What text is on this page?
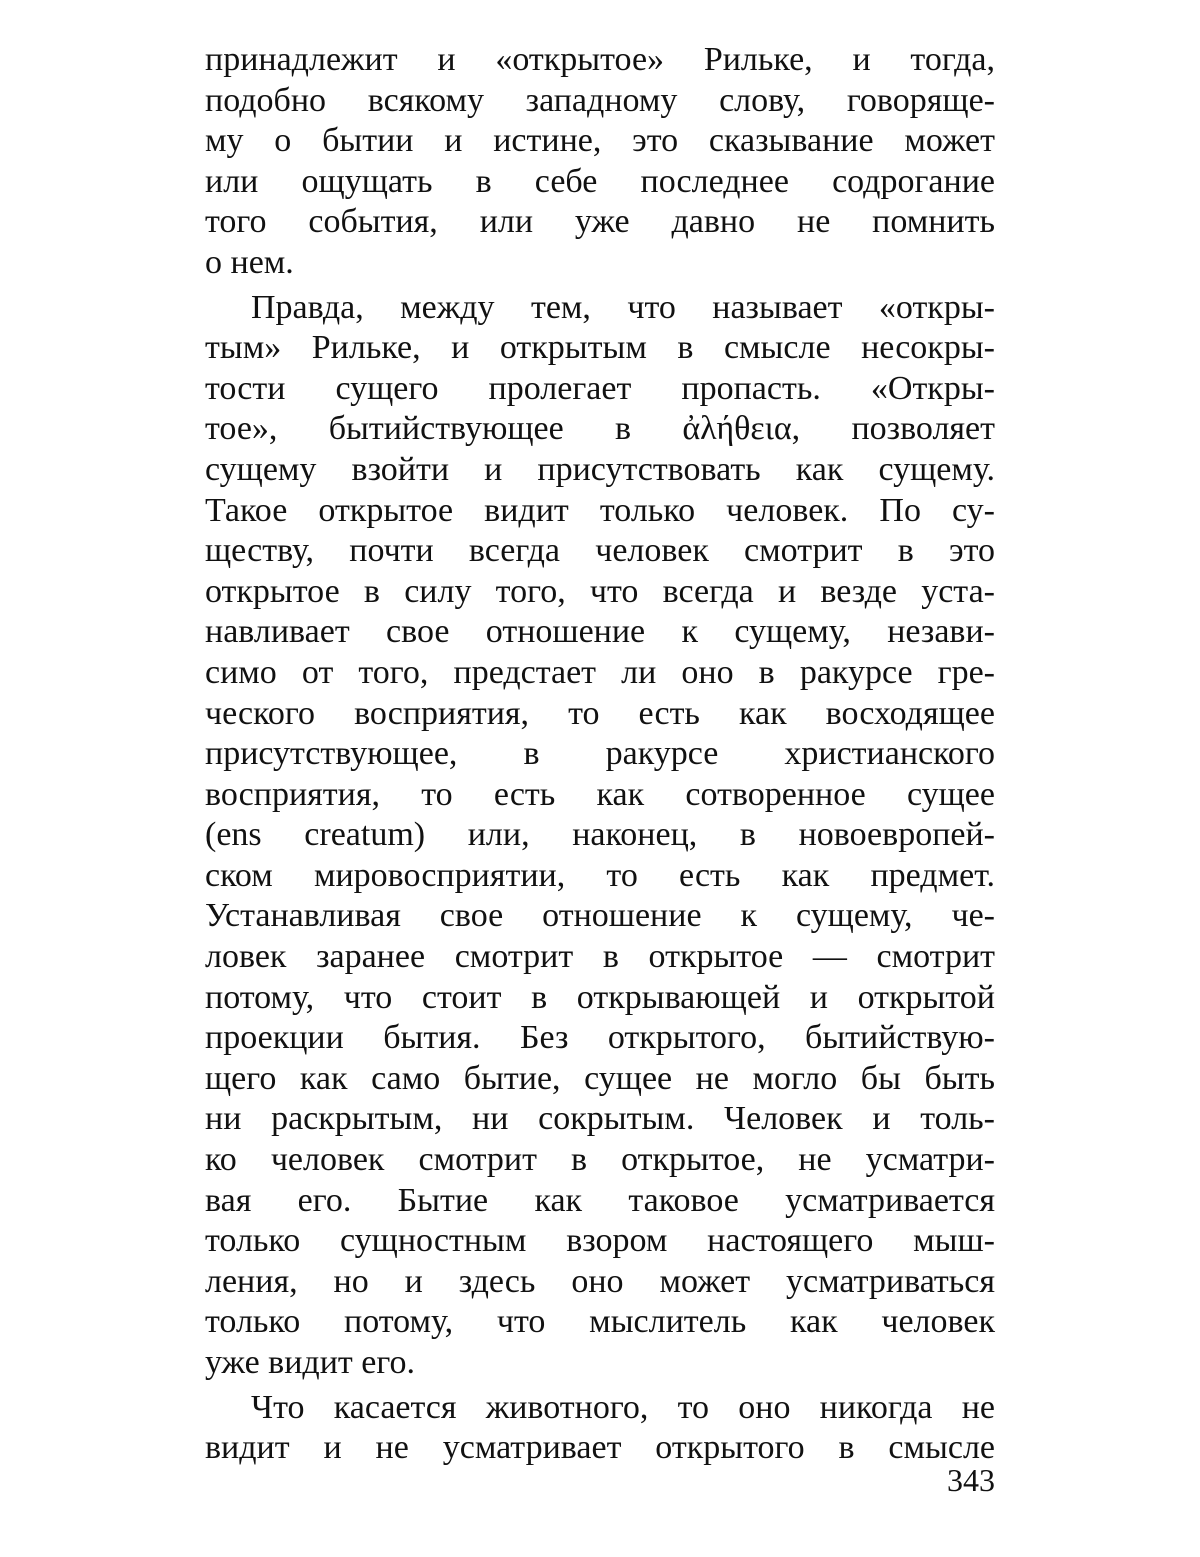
принадлежит и «открытое» Рильке, и тогда,
подобно всякому западному слову, говоряще-
му о бытии и истине, это сказывание может
или ощущать в себе последнее содрогание
того события, или уже давно не помнить
о нем.
Правда, между тем, что называет «откры-
тым» Рильке, и открытым в смысле несокры-
тости сущего пролегает пропасть. «Откры-
тое», бытийствующее в ἀλήθεια, позволяет
сущему взойти и присутствовать как сущему.
Такое открытое видит только человек. По су-
ществу, почти всегда человек смотрит в это
открытое в силу того, что всегда и везде уста-
навливает свое отношение к сущему, незави-
симо от того, предстает ли оно в ракурсе гре-
ческого восприятия, то есть как восходящее
присутствующее, в ракурсе христианского
восприятия, то есть как сотворенное сущее
(ens creatum) или, наконец, в новоевропей-
ском мировосприятии, то есть как предмет.
Устанавливая свое отношение к сущему, че-
ловек заранее смотрит в открытое — смотрит
потому, что стоит в открывающей и открытой
проекции бытия. Без открытого, бытийствую-
щего как само бытие, сущее не могло бы быть
ни раскрытым, ни сокрытым. Человек и толь-
ко человек смотрит в открытое, не усматри-
вая его. Бытие как таковое усматривается
только сущностным взором настоящего мыш-
ления, но и здесь оно может усматриваться
только потому, что мыслитель как человек
уже видит его.
Что касается животного, то оно никогда не
видит и не усматривает открытого в смысле
343
